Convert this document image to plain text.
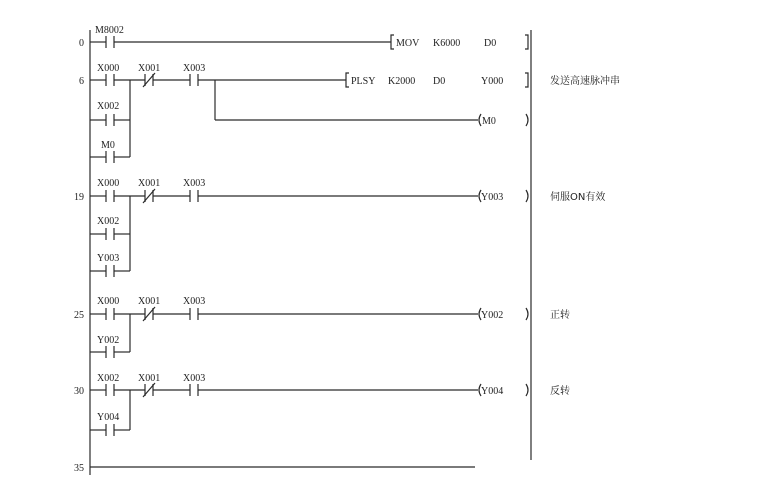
0
M8002
MOV K6000 D0
6
X000 X001 X003
PLSY K2000 D0	Y000	发送高速脉冲串
M0
X002
M0
19
X000 X001 X003
Y003	伺服ON有效
X002
Y003
25
X000 X001 X003
Y002	正转
Y002
30
X002 X001 X003
Y004	反转
Y004
35
